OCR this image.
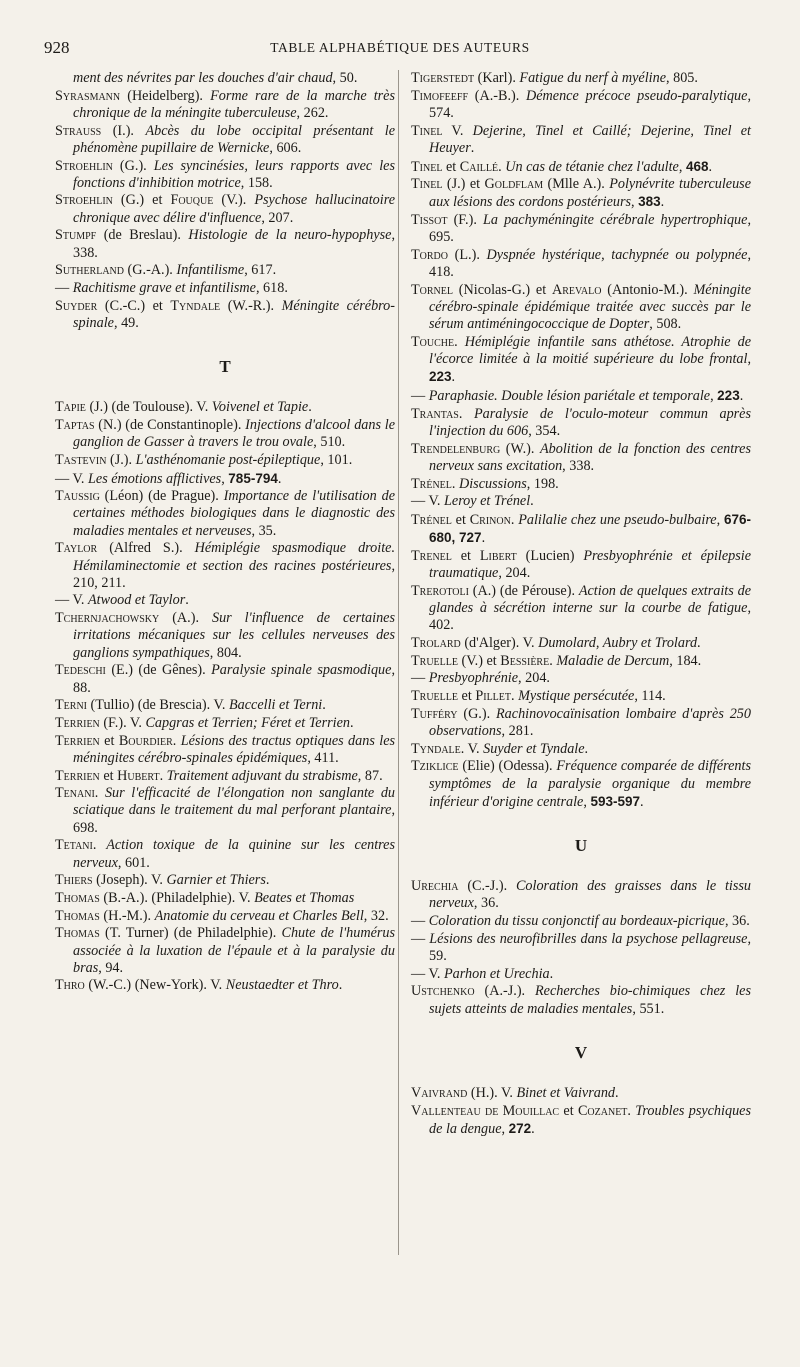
928	TABLE ALPHABÉTIQUE DES AUTEURS
ment des névrites par les douches d'air chaud, 50.
Syrasmann (Heidelberg). Forme rare de la marche très chronique de la méningite tuberculeuse, 262.
Strauss (I.). Abcès du lobe occipital présentant le phénomène pupillaire de Wernicke, 606.
Stroehlin (G.). Les syncinésies, leurs rapports avec les fonctions d'inhibition motrice, 158.
Stroehlin (G.) et Fouque (V.). Psychose hallucinatoire chronique avec délire d'influence, 207.
Stumpf (de Breslau). Histologie de la neuro-hypophyse, 338.
Sutherland (G.-A.). Infantilisme, 617.
— Rachitisme grave et infantilisme, 618.
Suyder (C.-C.) et Tyndale (W.-R.). Méningite cérébro-spinale, 49.
T
Tapie (J.) (de Toulouse). V. Voivenel et Tapie.
Taptas (N.) (de Constantinople). Injections d'alcool dans le ganglion de Gasser à travers le trou ovale, 510.
Tastevin (J.). L'asthénomanie post-épileptique, 101.
— V. Les émotions afflictives, 785-794.
Taussig (Léon) (de Prague). Importance de l'utilisation de certaines méthodes biologiques dans le diagnostic des maladies mentales et nerveuses, 35.
Taylor (Alfred S.). Hémiplégie spasmodique droite. Hémilaminectomie et section des racines postérieures, 210, 211.
— V. Atwood et Taylor.
Tchernjachowsky (A.). Sur l'influence de certaines irritations mécaniques sur les cellules nerveuses des ganglions sympathiques, 804.
Tedeschi (E.) (de Gênes). Paralysie spinale spasmodique, 88.
Terni (Tullio) (de Brescia). V. Baccelli et Terni.
Terrien (F.). V. Capgras et Terrien; Féret et Terrien.
Terrien et Bourdier. Lésions des tractus optiques dans les méningites cérébro-spinales épidémiques, 411.
Terrien et Hubert. Traitement adjuvant du strabisme, 87.
Tenani. Sur l'efficacité de l'élongation non sanglante du sciatique dans le traitement du mal perforant plantaire, 698.
Tetani. Action toxique de la quinine sur les centres nerveux, 601.
Thiers (Joseph). V. Garnier et Thiers.
Thomas (B.-A.). (Philadelphie). V. Beates et Thomas
Thomas (H.-M.). Anatomie du cerveau et Charles Bell, 32.
Thomas (T. Turner) (de Philadelphie). Chute de l'humérus associée à la luxation de l'épaule et à la paralysie du bras, 94.
Thro (W.-C.) (New-York). V. Neustaedter et Thro.
Tigerstedt (Karl). Fatigue du nerf à myéline, 805.
Timofeeff (A.-B.). Démence précoce pseudo-paralytique, 574.
Tinel V. Dejerine, Tinel et Caillé; Dejerine, Tinel et Heuyer.
Tinel et Caillé. Un cas de tétanie chez l'adulte, 468.
Tinel (J.) et Goldflam (Mlle A.). Polynévrite tuberculeuse aux lésions des cordons postérieurs, 383.
Tissot (F.). La pachyméningite cérébrale hypertrophique, 695.
Tordo (L.). Dyspnée hystérique, tachypnée ou polypnée, 418.
Tornel (Nicolas-G.) et Arevalo (Antonio-M.). Méningite cérébro-spinale épidémique traitée avec succès par le sérum antiméningococcique de Dopter, 508.
Touche. Hémiplégie infantile sans athétose. Atrophie de l'écorce limitée à la moitié supérieure du lobe frontal, 223.
— Paraphasie. Double lésion pariétale et temporale, 223.
Trantas. Paralysie de l'oculo-moteur commun après l'injection du 606, 354.
Trendelenburg (W.). Abolition de la fonction des centres nerveux sans excitation, 338.
Trénel. Discussions, 198.
— V. Leroy et Trénel.
Trénel et Crinon. Palilalie chez une pseudo-bulbaire, 676-680, 727.
Trenel et Libert (Lucien) Presbyophrénie et épilepsie traumatique, 204.
Trerotoli (A.) (de Pérouse). Action de quelques extraits de glandes à sécrétion interne sur la courbe de fatigue, 402.
Trolard (d'Alger). V. Dumolard, Aubry et Trolard.
Truelle (V.) et Bessière. Maladie de Dercum, 184.
— Presbyophrénie, 204.
Truelle et Pillet. Mystique persécutée, 114.
Tufféry (G.). Rachinovocaïnisation lombaire d'après 250 observations, 281.
Tyndale. V. Suyder et Tyndale.
Tziklice (Elie) (Odessa). Fréquence comparée de différents symptômes de la paralysie organique du membre inférieur d'origine centrale, 593-597.
U
Urechia (C.-J.). Coloration des graisses dans le tissu nerveux, 36.
— Coloration du tissu conjonctif au bordeaux-picrique, 36.
— Lésions des neurofibrilles dans la psychose pellagreuse, 59.
— V. Parhon et Urechia.
Ustchenko (A.-J.). Recherches bio-chimiques chez les sujets atteints de maladies mentales, 551.
V
Vaivrand (H.). V. Binet et Vaivrand.
Vallenteau de Mouillac et Cozanet. Troubles psychiques de la dengue, 272.
